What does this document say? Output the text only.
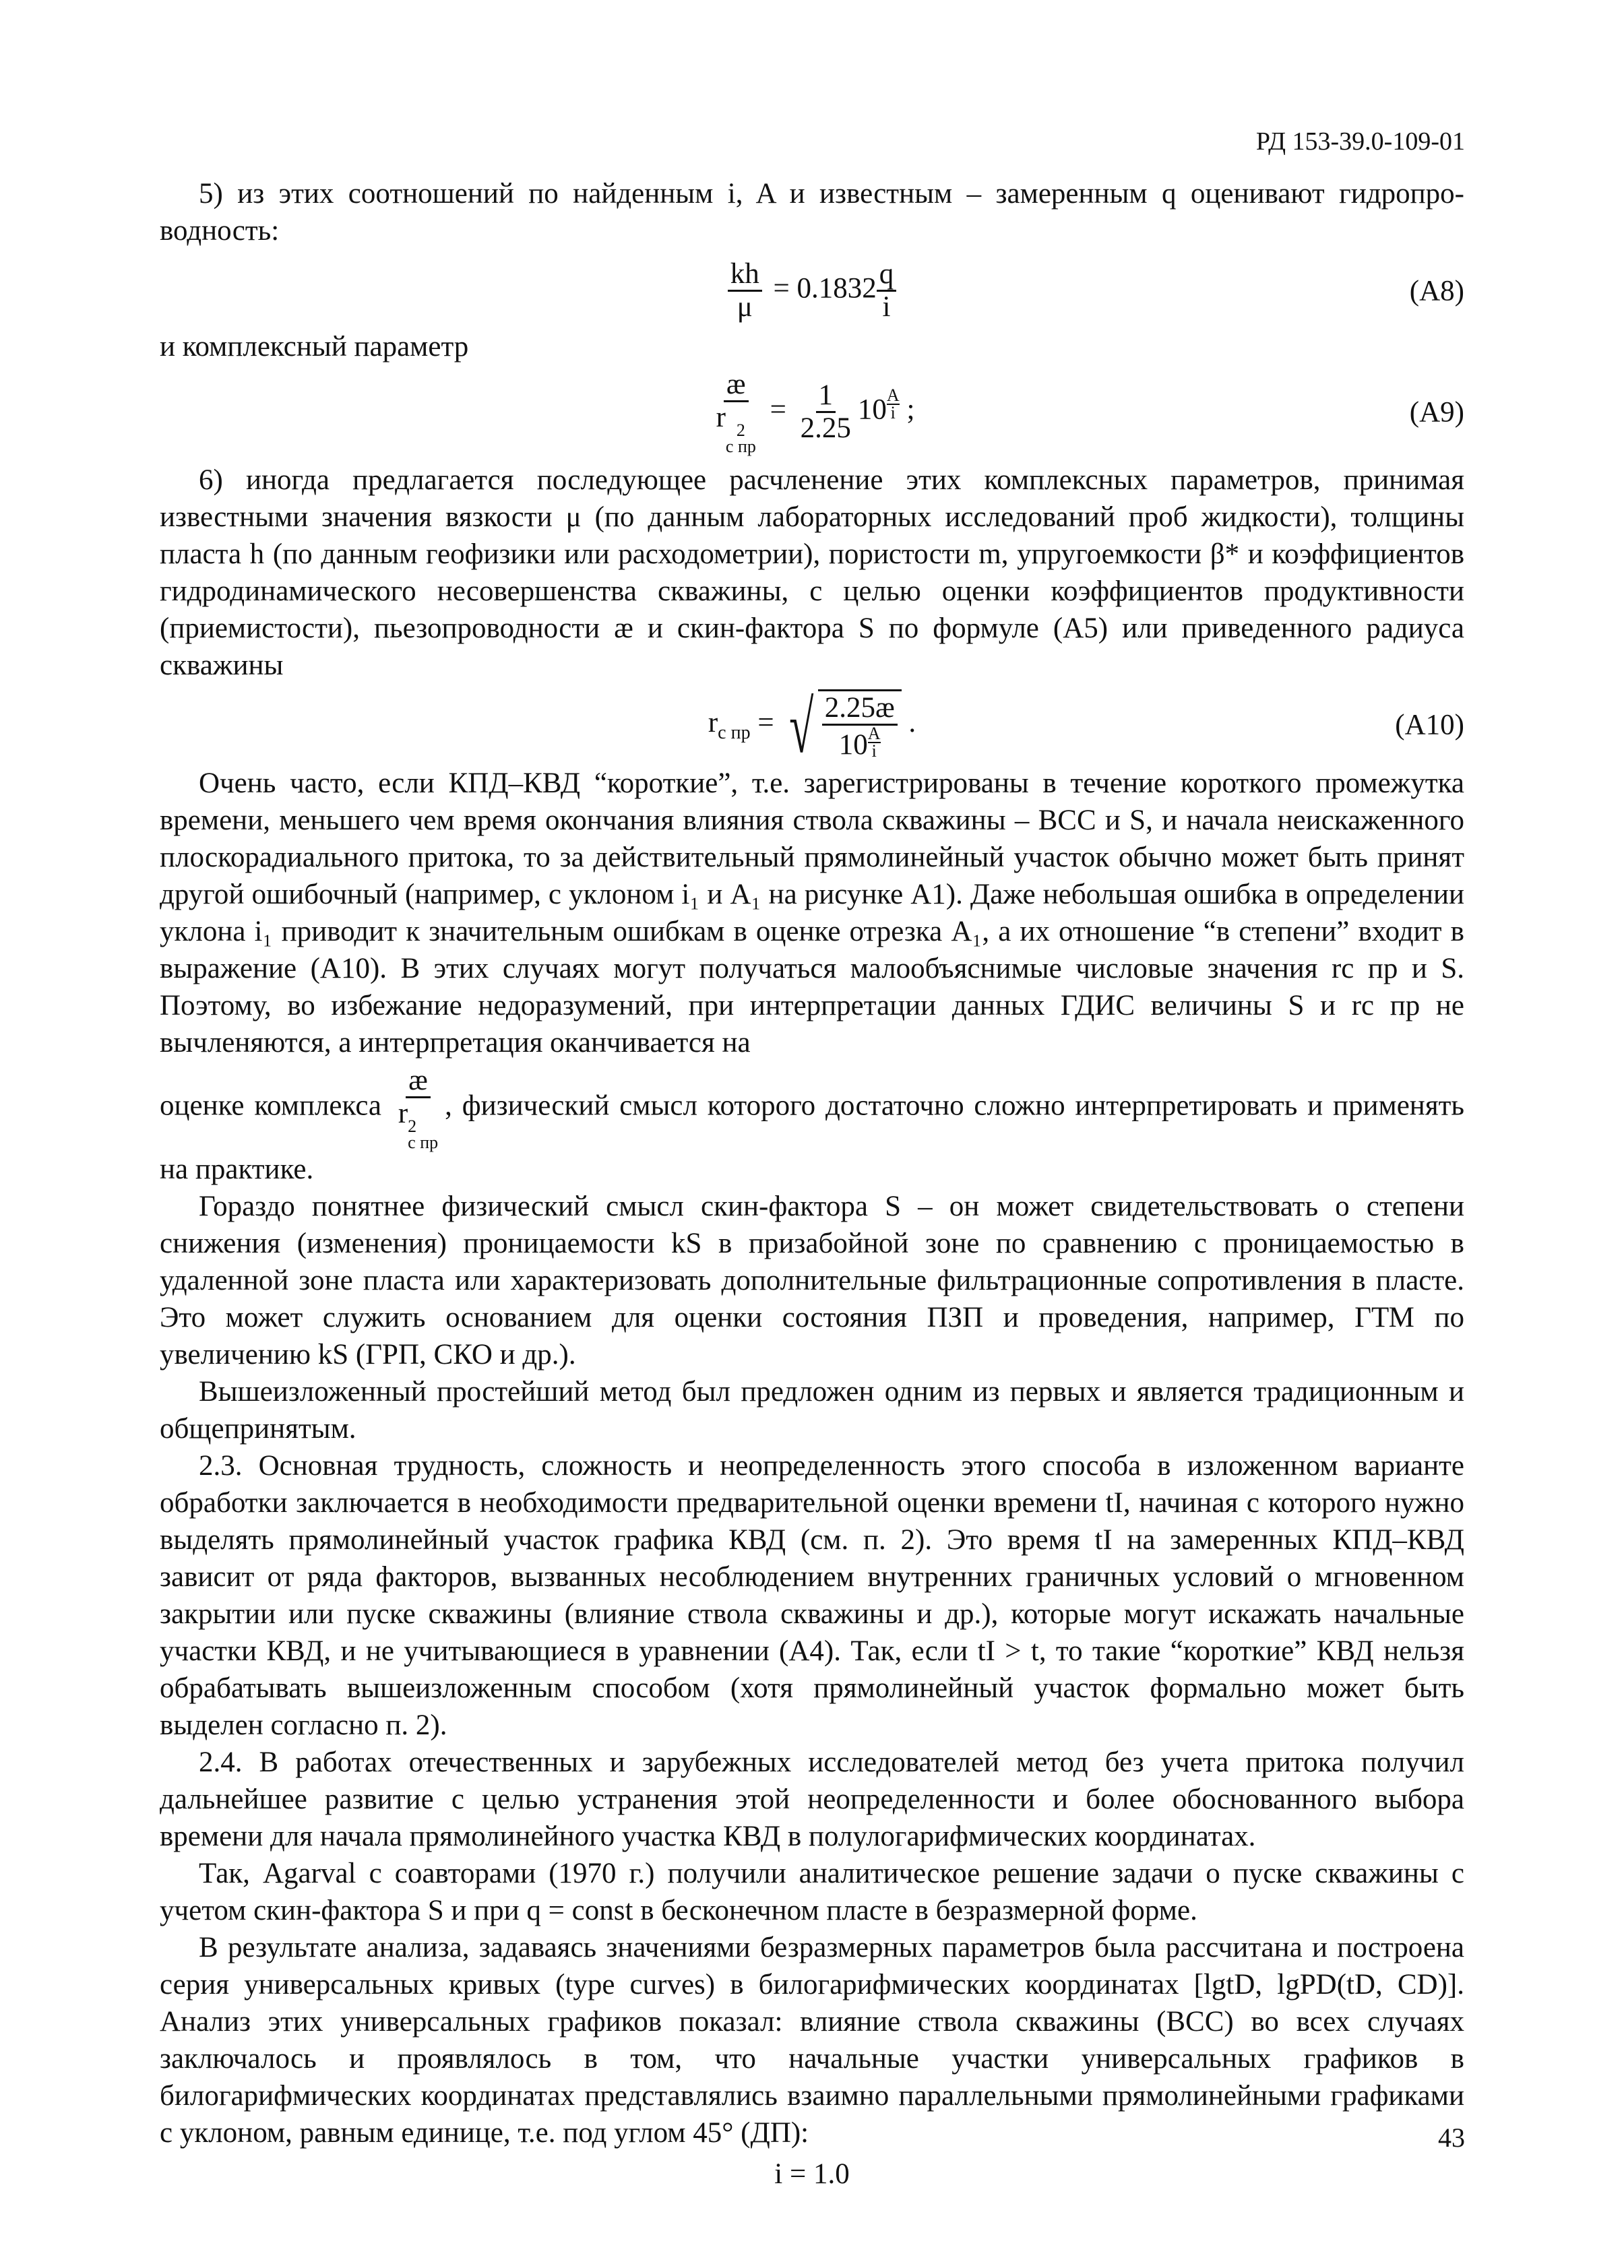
РД 153-39.0-109-01

5) из этих соотношений по найденным i, A и известным – замеренным q оценивают гидропроводность:

$\frac{kh}{\mu} = 0.1832 \frac{q}{i}$	(А8)

и комплексный параметр

æ
r 2
с пр = $\frac{1}{2.25} 10 \frac{A}{i}$ ;	(А9)

6) иногда предлагается последующее расчленение этих комплексных параметров, принимая известными значения вязкости μ (по данным лабораторных исследований проб жидкости), толщины пласта h (по данным геофизики или расходометрии), пористости m, упругоемкости β* и коэффициентов гидродинамического несовершенства скважины, с целью оценки коэффициентов продуктивности (приемистости), пьезопроводности æ и скин-фактора S по формуле (А5) или приведенного радиуса скважины

$r_{с пр}$ = √ $\frac{2.25æ}{10 \frac{A}{i}}$ .	(А10)

Очень часто, если КПД–КВД “короткие”, т.е. зарегистрированы в течение короткого промежутка времени, меньшего чем время окончания влияния ствола скважины – ВСС и S, и начала неискаженного плоскорадиального притока, то за действительный прямолинейный участок обычно может быть принят другой ошибочный (например, с уклоном i₁ и A₁ на рисунке А1). Даже небольшая ошибка в определении уклона i₁ приводит к значительным ошибкам в оценке отрезка A₁, а их отношение “в степени” входит в выражение (А10). В этих случаях могут получаться малообъяснимые числовые значения rс пр и S. Поэтому, во избежание недоразумений, при интерпретации данных ГДИС величины S и rс пр не вычленяются, а интерпретация оканчивается на

оценке комплекса æ
r 2
с пр , физический смысл которого достаточно сложно интерпретировать и применять на практике.

Гораздо понятнее физический смысл скин-фактора S – он может свидетельствовать о степени снижения (изменения) проницаемости kS в призабойной зоне по сравнению с проницаемостью в удаленной зоне пласта или характеризовать дополнительные фильтрационные сопротивления в пласте. Это может служить основанием для оценки состояния ПЗП и проведения, например, ГТМ по увеличению kS (ГРП, СКО и др.).

Вышеизложенный простейший метод был предложен одним из первых и является традиционным и общепринятым.

2.3. Основная трудность, сложность и неопределенность этого способа в изложенном варианте обработки заключается в необходимости предварительной оценки времени tI, начиная с которого нужно выделять прямолинейный участок графика КВД (см. п. 2). Это время tI на замеренных КПД–КВД зависит от ряда факторов, вызванных несоблюдением внутренних граничных условий о мгновенном закрытии или пуске скважины (влияние ствола скважины и др.), которые могут искажать начальные участки КВД, и не учитывающиеся в уравнении (А4). Так, если tI > t, то такие “короткие” КВД нельзя обрабатывать вышеизложенным способом (хотя прямолинейный участок формально может быть выделен согласно п. 2).

2.4. В работах отечественных и зарубежных исследователей метод без учета притока получил дальнейшее развитие с целью устранения этой неопределенности и более обоснованного выбора времени для начала прямолинейного участка КВД в полулогарифмических координатах.

Так, Agarval с соавторами (1970 г.) получили аналитическое решение задачи о пуске скважины с учетом скин-фактора S и при q = const в бесконечном пласте в безразмерной форме.

В результате анализа, задаваясь значениями безразмерных параметров была рассчитана и построена серия универсальных кривых (type curves) в билогарифмических координатах [lgtD, lgPD(tD, CD)]. Анализ этих универсальных графиков показал: влияние ствола скважины (ВСС) во всех случаях заключалось и проявлялось в том, что начальные участки универсальных графиков в билогарифмических координатах представлялись взаимно параллельными прямолинейными графиками с уклоном, равным единице, т.е. под углом 45° (ДП):

i = 1.0
43
